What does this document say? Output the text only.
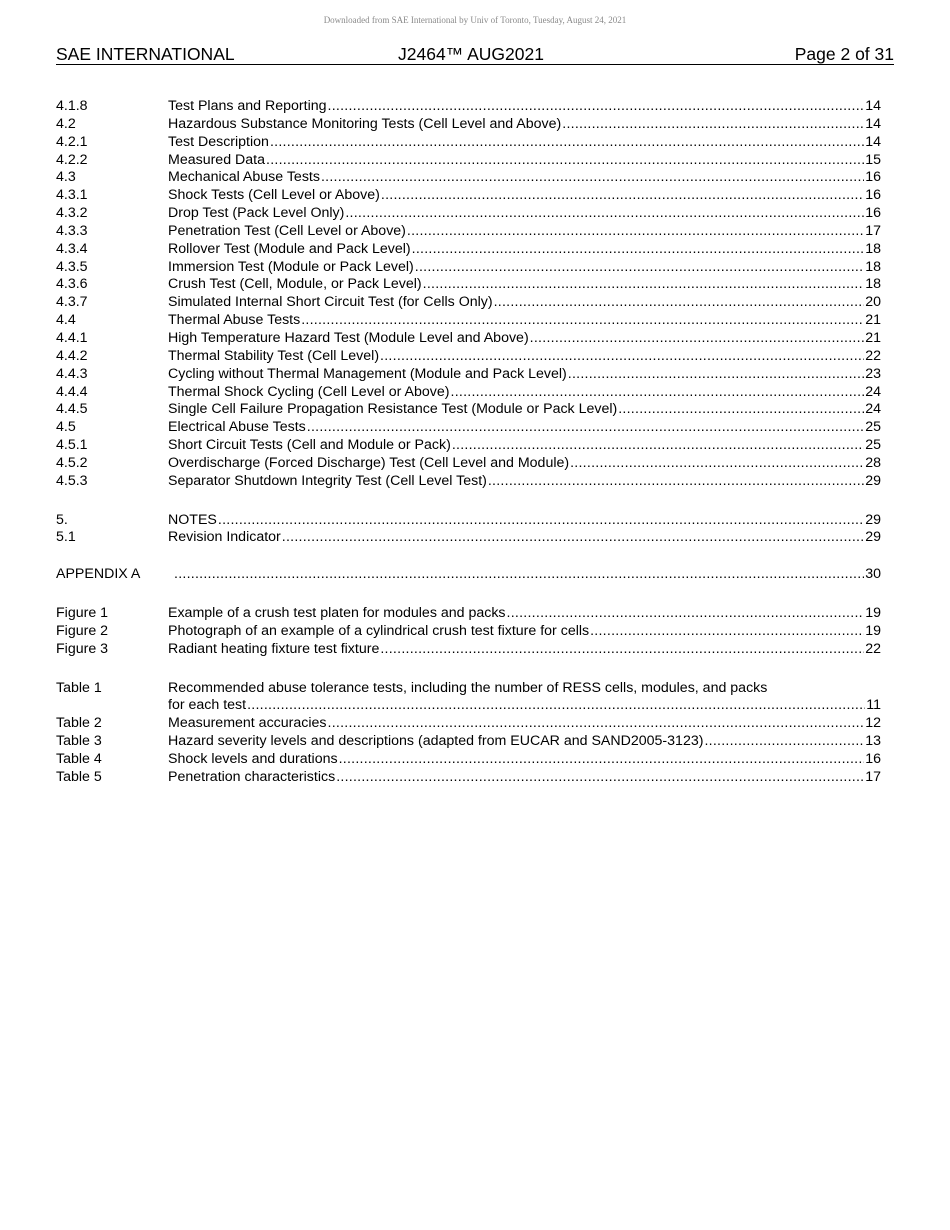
Downloaded from SAE International by Univ of Toronto, Tuesday, August 24, 2021
SAE INTERNATIONAL	J2464™ AUG2021	Page 2 of 31
4.1.8	Test Plans and Reporting .....	14
4.2	Hazardous Substance Monitoring Tests (Cell Level and Above) .....	14
4.2.1	Test Description .....	14
4.2.2	Measured Data .....	15
4.3	Mechanical Abuse Tests .....	16
4.3.1	Shock Tests (Cell Level or Above) .....	16
4.3.2	Drop Test (Pack Level Only) .....	16
4.3.3	Penetration Test (Cell Level or Above) .....	17
4.3.4	Rollover Test (Module and Pack Level) .....	18
4.3.5	Immersion Test (Module or Pack Level) .....	18
4.3.6	Crush Test (Cell, Module, or Pack Level) .....	18
4.3.7	Simulated Internal Short Circuit Test (for Cells Only) .....	20
4.4	Thermal Abuse Tests .....	21
4.4.1	High Temperature Hazard Test (Module Level and Above) .....	21
4.4.2	Thermal Stability Test (Cell Level) .....	22
4.4.3	Cycling without Thermal Management (Module and Pack Level) .....	23
4.4.4	Thermal Shock Cycling (Cell Level or Above) .....	24
4.4.5	Single Cell Failure Propagation Resistance Test (Module or Pack Level) .....	24
4.5	Electrical Abuse Tests .....	25
4.5.1	Short Circuit Tests (Cell and Module or Pack) .....	25
4.5.2	Overdischarge (Forced Discharge) Test (Cell Level and Module) .....	28
4.5.3	Separator Shutdown Integrity Test (Cell Level Test) .....	29
5.	NOTES .....	29
5.1	Revision Indicator .....	29
APPENDIX A .....	30
Figure 1	Example of a crush test platen for modules and packs .....	19
Figure 2	Photograph of an example of a cylindrical crush test fixture for cells .....	19
Figure 3	Radiant heating fixture test fixture .....	22
Table 1	Recommended abuse tolerance tests, including the number of RESS cells, modules, and packs
for each test .....	11
Table 2	Measurement accuracies .....	12
Table 3	Hazard severity levels and descriptions (adapted from EUCAR and SAND2005-3123) .....	13
Table 4	Shock levels and durations .....	16
Table 5	Penetration characteristics .....	17
